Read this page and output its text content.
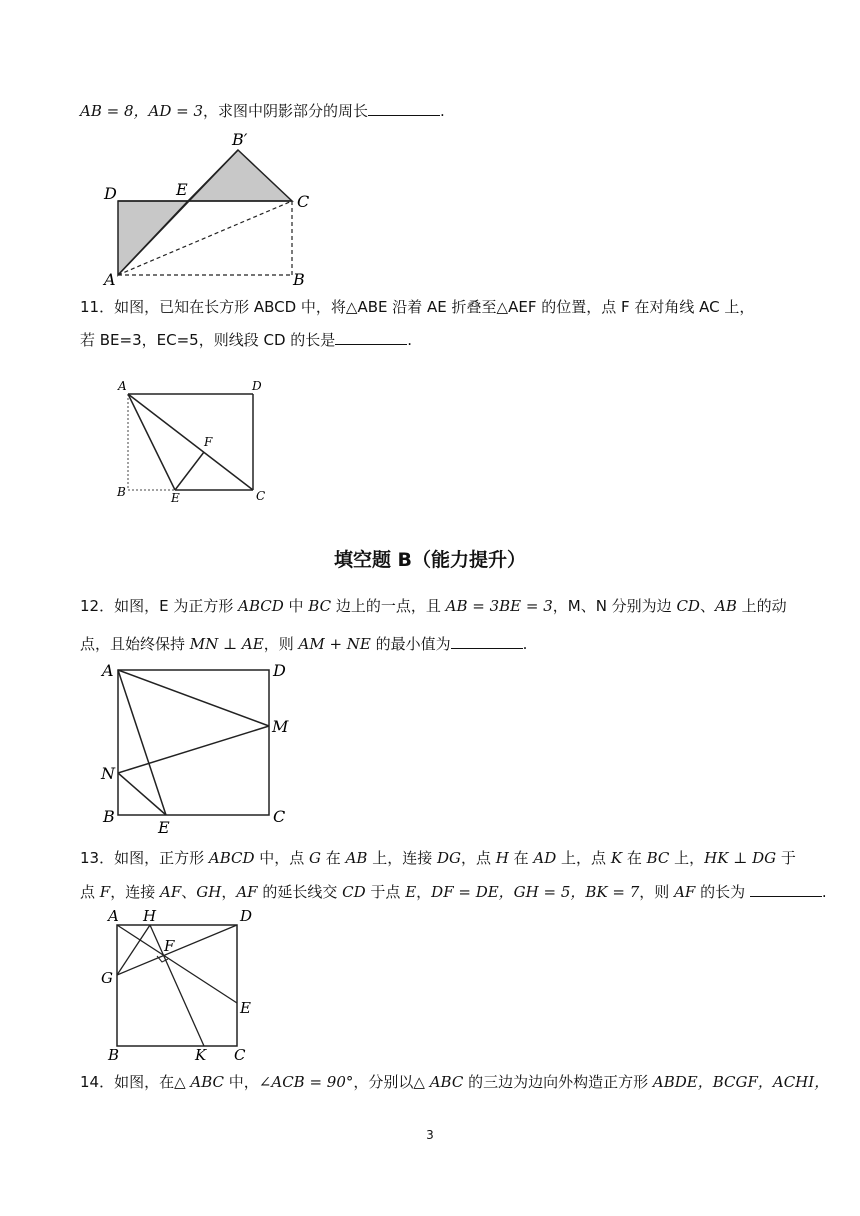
AB = 8，AD = 3，求图中阴影部分的周长	.
D	E
B′
C
A	B
11．如图，已知在长方形 ABCD 中，将△ABE 沿着 AE 折叠至△AEF 的位置，点 F 在对角线 AC 上，
若 BE=3，EC=5，则线段 CD 的长是	.
A	D
F
B	E	C
填空题 B（能力提升）
12．如图，E 为正方形 ABCD 中 BC 边上的一点，且 AB = 3BE = 3，M、N 分别为边 CD、AB 上的动
点，且始终保持 MN ⊥ AE，则 AM + NE 的最小值为	.
A	D
M
N
B
E
C
13．如图，正方形 ABCD 中，点 G 在 AB 上，连接 DG，点 H 在 AD 上，点 K 在 BC 上，HK ⊥ DG 于
点 F，连接 AF、GH，AF 的延长线交 CD 于点 E，DF = DE，GH = 5，BK = 7，则 AF 的长为	.
A H	D
F
G
E
B	K C
14．如图，在△ ABC 中，∠ACB = 90°，分别以△ ABC 的三边为边向外构造正方形 ABDE，BCGF，ACHI，
3
